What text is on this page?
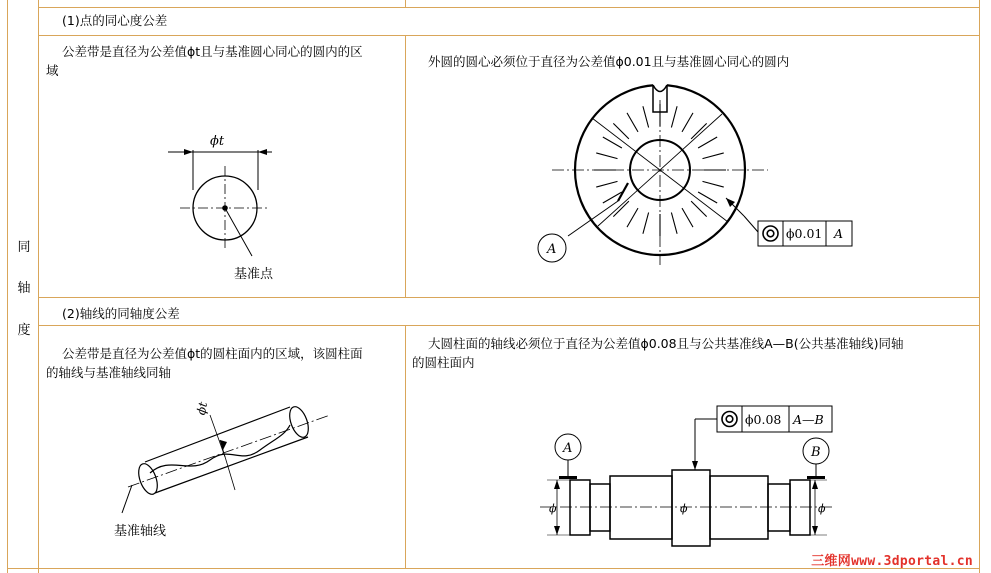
同
轴
度
(1)点的同心度公差
公差带是直径为公差值ϕt且与基准圆心同心的圆内的区
域
外圆的圆心必须位于直径为公差值ϕ0.01且与基准圆心同心的圆内
(2)轴线的同轴度公差
公差带是直径为公差值ϕt的圆柱面内的区域，该圆柱面
的轴线与基准轴线同轴
大圆柱面的轴线必须位于直径为公差值ϕ0.08且与公共基准线A—B(公共基准轴线)同轴
的圆柱面内
ϕt
基准点
A
ϕ0.01 A
ϕt
基准轴线
ϕ0.08 A—B
ϕ	ϕ
ϕ
A	B
三维网www.3dportal.cn
